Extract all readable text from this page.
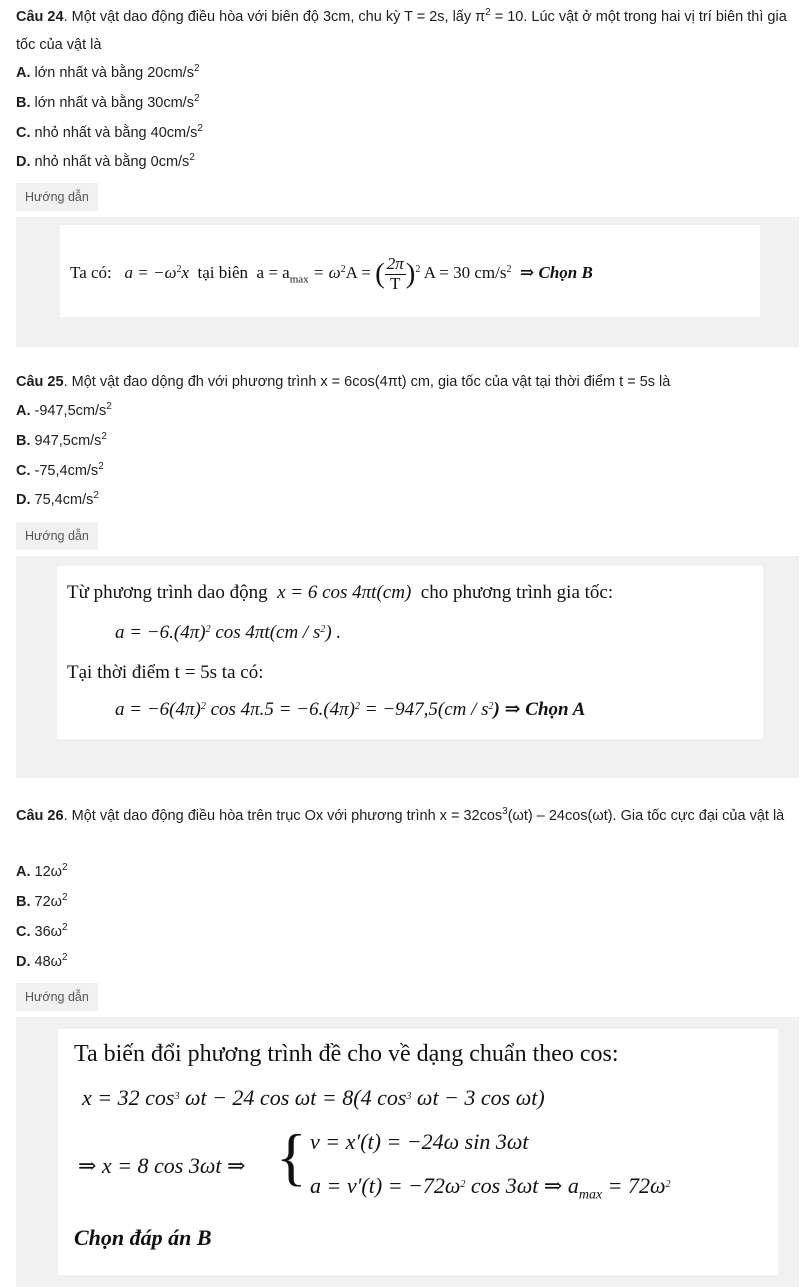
Câu 24. Một vật dao động điều hòa với biên độ 3cm, chu kỳ T = 2s, lấy $\pi^2 = 10$. Lúc vật ở một trong hai vị trí biên thì gia tốc của vật là

A. lớn nhất và bằng $20cm/s^2$

B. lớn nhất và bằng $30cm/s^2$

C. nhỏ nhất và bằng $40cm/s^2$

D. nhỏ nhất và bằng $0cm/s^2$

Hướng dẫn
Ta có: $a = -\omega^2x$ tại biên $a = a_{max} = \omega^2A$ = ( $\frac{2\pi}{T} )^2$ A = 30 $cm/s^2$ ⇒ Chọn B

Câu 25. Một vật đao dộng đh với phương trình x = 6cos(4πt) cm, gia tốc của vật tại thời điểm t = 5s là

A. $-947,5cm/s^2$

B. $947,5cm/s^2$

C. $-75,4cm/s^2$

D. $75,4cm/s^2$

Hướng dẫn
Từ phương trình dao động x = 6 cos 4πt(cm) cho phương trình gia tốc:
$a = -6.(4\pi)^2$ $\cos 4\pi t(cm / s^2)$ .
Tại thời điểm t = 5s ta có:
$a = -6(4\pi)^2$ $\cos 4\pi.5 = -6.(4\pi)^2 = -947,5(cm / s^2)$ ⇒ Chọn A

Câu 26. Một vật dao động điều hòa trên trục Ox với phương trình $x = 32\cos^3(\omega t) - 24\cos(\omega t)$. Gia tốc cực đại của vật là

A. $12\omega^2$

B. $72\omega^2$

C. $36\omega^2$

D. $48\omega^2$

Hướng dẫn
Ta biến đổi phương trình đề cho về dạng chuẩn theo cos:
x = 32 $\cos^3 \omega t - 24$ cos ωt = 8(4 $\cos^3 \omega t - 3$ cos ωt)
⇒ x = 8 cos 3ωt ⇒ { v = x′(t) = −24ω sin 3ωt
$a = v'(t) = -72\omega^2$ cos 3ωt ⇒ $a_{max} = 72\omega^2$
Chọn đáp án B
